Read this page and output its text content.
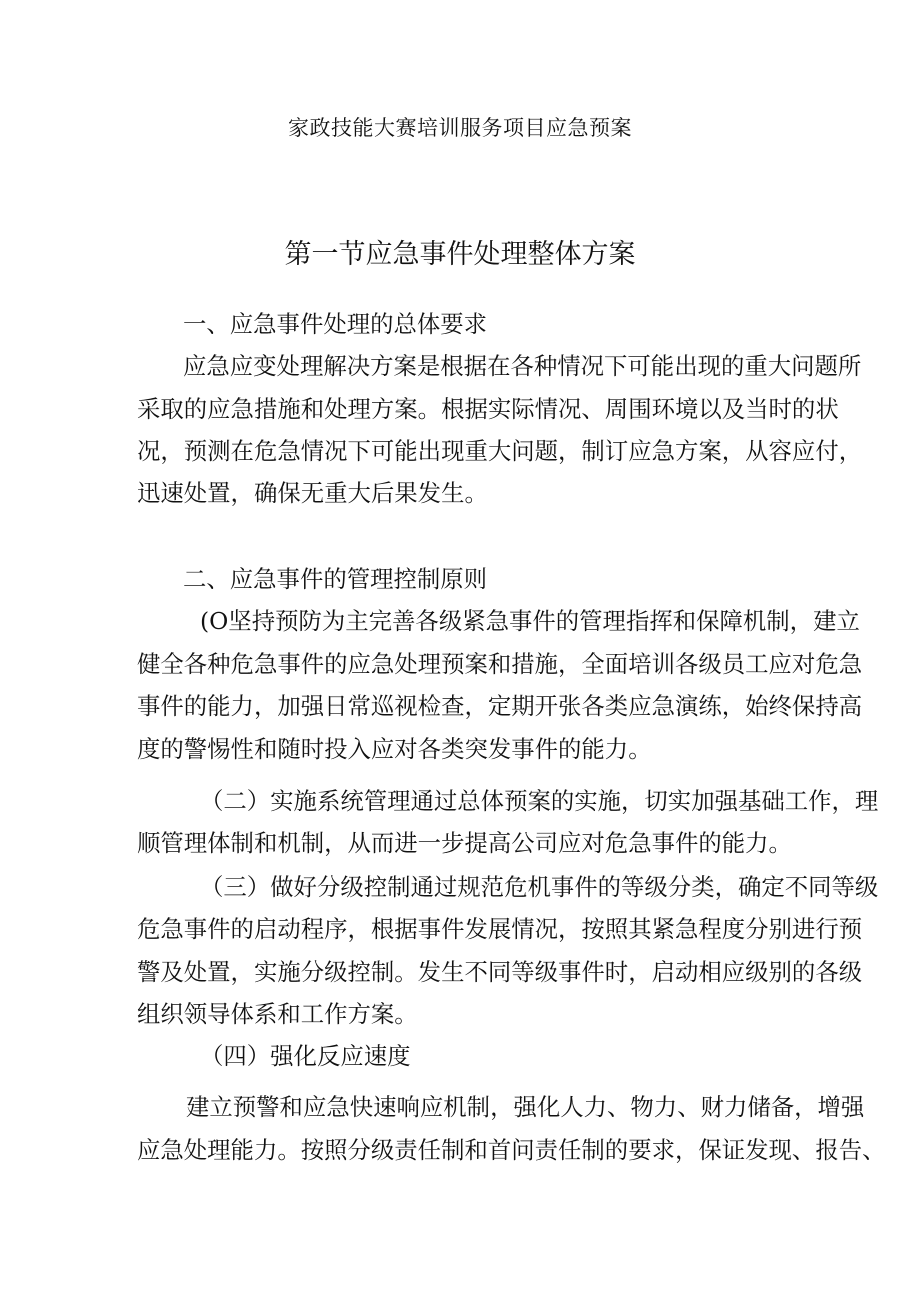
家政技能大赛培训服务项目应急预案
第一节应急事件处理整体方案
一、应急事件处理的总体要求
应急应变处理解决方案是根据在各种情况下可能出现的重大问题所
采取的应急措施和处理方案。根据实际情况、周围环境以及当时的状
况，预测在危急情况下可能出现重大问题，制订应急方案，从容应付，
迅速处置，确保无重大后果发生。
二、应急事件的管理控制原则
(O坚持预防为主完善各级紧急事件的管理指挥和保障机制，建立
健全各种危急事件的应急处理预案和措施，全面培训各级员工应对危急
事件的能力，加强日常巡视检查，定期开张各类应急演练，始终保持高
度的警惕性和随时投入应对各类突发事件的能力。
（二）实施系统管理通过总体预案的实施，切实加强基础工作，理
顺管理体制和机制，从而进一步提高公司应对危急事件的能力。
（三）做好分级控制通过规范危机事件的等级分类，确定不同等级
危急事件的启动程序，根据事件发展情况，按照其紧急程度分别进行预
警及处置，实施分级控制。发生不同等级事件时，启动相应级别的各级
组织领导体系和工作方案。
（四）强化反应速度
建立预警和应急快速响应机制，强化人力、物力、财力储备，增强
应急处理能力。按照分级责任制和首问责任制的要求，保证发现、报告、
